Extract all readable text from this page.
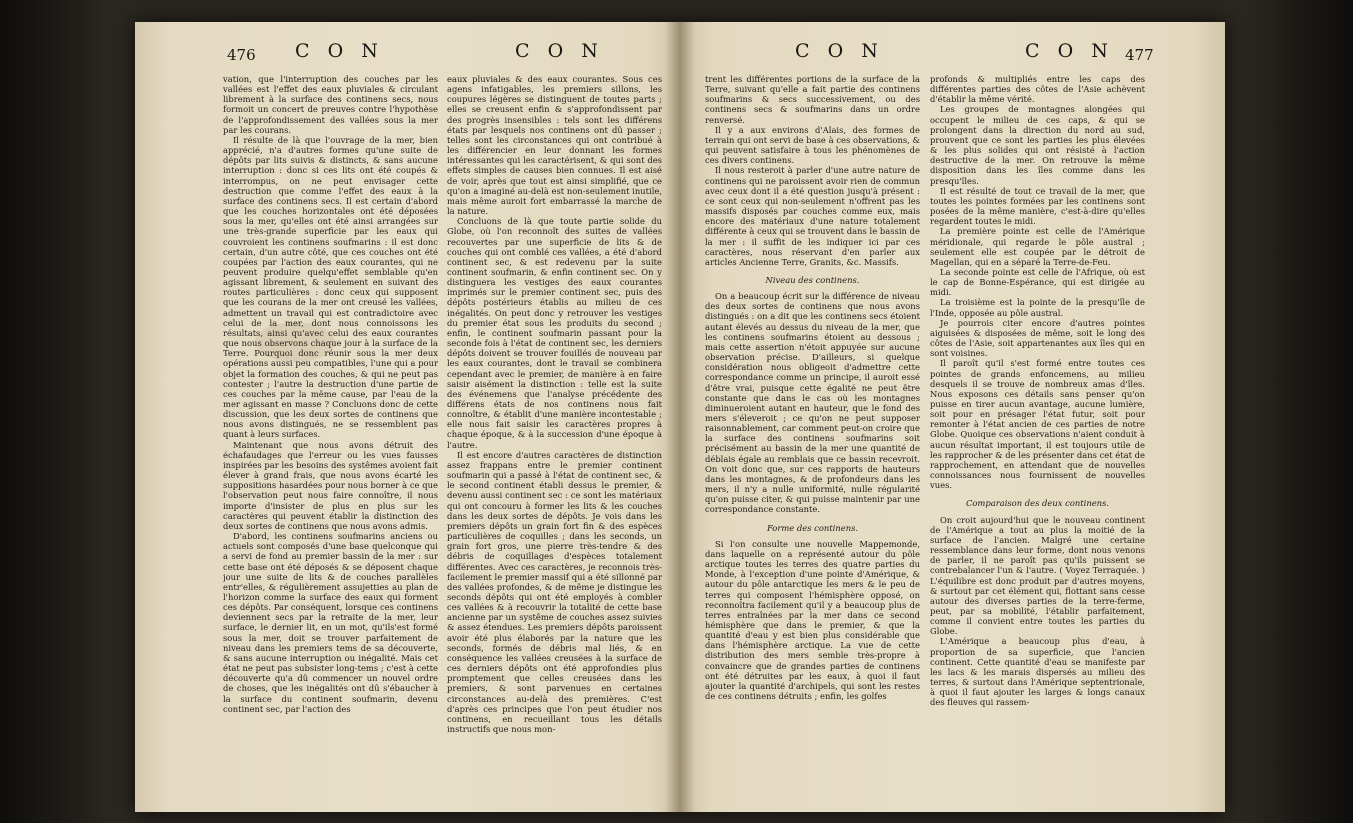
476 C O N	C O N

vation, que l'interruption des couches par les vallées est l'effet des eaux pluviales & circulant librement à la surface des continens secs, nous formoit un concert de preuves contre l'hypothèse de l'approfondissement des vallées sous la mer par les courans.

Il résulte de là que l'ouvrage de la mer, bien apprécié, n'a d'autres formes qu'une suite de dépôts par lits suivis & distincts, & sans aucune interruption : donc si ces lits ont été coupés & interrompus, on ne peut envisager cette destruction que comme l'effet des eaux à la surface des continens secs. Il est certain d'abord que les couches horizontales ont été déposées sous la mer, qu'elles ont été ainsi arrangées sur une très-grande superficie par les eaux qui couvroient les continens soufmarins : il est donc certain, d'un autre côté, que ces couches ont été coupées par l'action des eaux courantes, qui ne peuvent produire quelqu'effet semblable qu'en agissant librement, & seulement en suivant des routes particulières : donc ceux qui supposent que les courans de la mer ont creusé les vallées, admettent un travail qui est contradictoire avec celui de la mer, dont nous connoissons les résultats, ainsi qu'avec celui des eaux courantes que nous observons chaque jour à la surface de la Terre. Pourquoi donc réunir sous la mer deux opérations aussi peu compatibles, l'une qui a pour objet la formation des couches, & qui ne peut pas contester ; l'autre la destruction d'une partie de ces couches par la même cause, par l'eau de la mer agissant en masse ? Concluons donc de cette discussion, que les deux sortes de continens que nous avons distingués, ne se ressemblent pas quant à leurs surfaces.

Maintenant que nous avons détruit des échafaudages que l'erreur ou les vues fausses inspirées par les besoins des systêmes avoient fait élever à grand frais, que nous avons écarté les suppositions hasardées pour nous borner à ce que l'observation peut nous faire connoître, il nous importe d'insister de plus en plus sur les caractères qui peuvent établir la distinction des deux sortes de continens que nous avons admis.

D'abord, les continens soufmarins anciens ou actuels sont composés d'une base quelconque qui a servi de fond au premier bassin de la mer : sur cette base ont été déposés & se déposent chaque jour une suite de lits & de couches parallèles entr'elles, & régulièrement assujetties au plan de l'horizon comme la surface des eaux qui forment ces dépôts. Par conséquent, lorsque ces continens deviennent secs par la retraite de la mer, leur surface, le dernier lit, en un mot, qu'ils'est formé sous la mer, doit se trouver parfaitement de niveau dans les premiers tems de sa découverte, & sans aucune interruption ou inégalité. Mais cet état ne peut pas subsister long-tems ; c'est à cette découverte qu'a dû commencer un nouvel ordre de choses, que les inégalités ont dû s'ébaucher à la surface du continent soufmarin, devenu continent sec, par l'action des

eaux pluviales & des eaux courantes. Sous ces agens infatigables, les premiers sillons, les coupures légères se distinguent de toutes parts ; elles se creusent enfin & s'approfondissent par des progrès insensibles : tels sont les différens états par lesquels nos continens ont dû passer ; telles sont les circonstances qui ont contribué à les différencier en leur donnant les formes intéressantes qui les caractérisent, & qui sont des effets simples de causes bien connues. Il est aisé de voir, après que tout est ainsi simplifié, que ce qu'on a imaginé au-delà est non-seulement inutile, mais même auroit fort embarrassé la marche de la nature.

Concluons de là que toute partie solide du Globe, où l'on reconnoît des suites de vallées recouvertes par une superficie de lits & de couches qui ont comblé ces vallées, a été d'abord continent sec, & est redevenu par la suite continent soufmarin, & enfin continent sec. On y distinguera les vestiges des eaux courantes imprimés sur le premier continent sec, puis des dépôts postérieurs établis au milieu de ces inégalités. On peut donc y retrouver les vestiges du premier état sous les produits du second ; enfin, le continent soufmarin passant pour la seconde fois à l'état de continent sec, les derniers dépôts doivent se trouver fouillés de nouveau par les eaux courantes, dont le travail se combinera cependant avec le premier, de manière à en faire saisir aisément la distinction : telle est la suite des événemens que l'analyse précédente des différens états de nos continens nous fait connoître, & établit d'une manière incontestable ; elle nous fait saisir les caractères propres à chaque époque, & à la succession d'une époque à l'autre.

Il est encore d'autres caractères de distinction assez frappans entre le premier continent soufmarin qui a passé à l'état de continent sec, & le second continent établi dessus le premier, & devenu aussi continent sec : ce sont les matériaux qui ont concouru à former les lits & les couches dans les deux sortes de dépôts. Je vois dans les premiers dépôts un grain fort fin & des espèces particulières de coquilles ; dans les seconds, un grain fort gros, une pierre très-tendre & des débris de coquillages d'espèces totalement différentes. Avec ces caractères, je reconnois très-facilement le premier massif qui a été sillonné par des vallées profondes, & de même je distingue les seconds dépôts qui ont été employés à combler ces vallées & à recouvrir la totalité de cette base ancienne par un systême de couches assez suivies & assez étendues. Les premiers dépôts paroissent avoir été plus élaborés par la nature que les seconds, formés de débris mal liés, & en conséquence les vallées creusées à la surface de ces derniers dépôts ont été approfondies plus promptement que celles creusées dans les premiers, & sont parvenues en certaines circonstances au-delà des premières. C'est d'après ces principes que l'on peut étudier nos continens, en recueillant tous les détails instructifs que nous mon-

C O N	C O N 477

trent les différentes portions de la surface de la Terre, suivant qu'elle a fait partie des continens soufmarins & secs successivement, ou des continens secs & soufmarins dans un ordre renversé.

Il y a aux environs d'Alais, des formes de terrain qui ont servi de base à ces observations, & qui peuvent satisfaire à tous les phénomènes de ces divers continens.

Il nous resteroit à parler d'une autre nature de continens qui ne paroissent avoir rien de commun avec ceux dont il a été question jusqu'à présent : ce sont ceux qui non-seulement n'offrent pas les massifs disposés par couches comme eux, mais encore des matériaux d'une nature totalement différente à ceux qui se trouvent dans le bassin de la mer : il suffit de les indiquer ici par ces caractères, nous réservant d'en parler aux articles Ancienne Terre, Granits, &c. Massifs.

Niveau des continens.

On a beaucoup écrit sur la différence de niveau des deux sortes de continens que nous avons distingués : on a dit que les continens secs étoient autant élevés au dessus du niveau de la mer, que les continens soufmarins étoient au dessous ; mais cette assertion n'étoit appuyée sur aucune observation précise. D'ailleurs, si quelque considération nous obligeoit d'admettre cette correspondance comme un principe, il auroit essé d'être vrai, puisque cette égalité ne peut être constante que dans le cas où les montagnes diminueroient autant en hauteur, que le fond des mers s'éleveroit ; ce qu'on ne peut supposer raisonnablement, car comment peut-on croire que la surface des continens soufmarins soit précisément au bassin de la mer une quantité de déblais égale au remblais que ce bassin recevroit. On voit donc que, sur ces rapports de hauteurs dans les montagnes, & de profondeurs dans les mers, il n'y a nulle uniformité, nulle régularité qu'on puisse citer, & qui puisse maintenir par une correspondance constante.

Forme des continens.

Si l'on consulte une nouvelle Mappemonde, dans laquelle on a représenté autour du pôle arctique toutes les terres des quatre parties du Monde, à l'exception d'une pointe d'Amérique, & autour du pôle antarctique les mers & le peu de terres qui composent l'hémisphère opposé, on reconnoîtra facilement qu'il y a beaucoup plus de terres entraînées par la mer dans ce second hémisphère que dans le premier, & que la quantité d'eau y est bien plus considérable que dans l'hémisphère arctique. La vue de cette distribution des mers semble très-propre à convaincre que de grandes parties de continens ont été détruites par les eaux, à quoi il faut ajouter la quantité d'archipels, qui sont les restes de ces continens détruits ; enfin, les golfes

profonds & multipliés entre les caps des différentes parties des côtes de l'Asie achèvent d'établir la même vérité.

Les groupes de montagnes alongées qui occupent le milieu de ces caps, & qui se prolongent dans la direction du nord au sud, prouvent que ce sont les parties les plus élevées & les plus solides qui ont résisté à l'action destructive de la mer. On retrouve la même disposition dans les îles comme dans les presqu'îles.

Il est résulté de tout ce travail de la mer, que toutes les pointes formées par les continens sont posées de la même manière, c'est-à-dire qu'elles regardent toutes le midi.

La première pointe est celle de l'Amérique méridionale, qui regarde le pôle austral ; seulement elle est coupée par le détroit de Magellan, qui en a séparé la Terre-de-Feu.

La seconde pointe est celle de l'Afrique, où est le cap de Bonne-Espérance, qui est dirigée au midi.

La troisième est la pointe de la presqu'île de l'Inde, opposée au pôle austral.

Je pourrois citer encore d'autres pointes aiguisées & disposées de même, soit le long des côtes de l'Asie, soit appartenantes aux îles qui en sont voisines.

Il paroît qu'il s'est formé entre toutes ces pointes de grands enfoncemens, au milieu desquels il se trouve de nombreux amas d'îles. Nous exposons ces détails sans penser qu'on puisse en tirer aucun avantage, aucune lumière, soit pour en présager l'état futur, soit pour remonter à l'état ancien de ces parties de notre Globe. Quoique ces observations n'aient conduit à aucun résultat important, il est toujours utile de les rapprocher & de les présenter dans cet état de rapprochement, en attendant que de nouvelles connoissances nous fournissent de nouvelles vues.

Comparaison des deux continens.

On croit aujourd'hui que le nouveau continent de l'Amérique a tout au plus la moitié de la surface de l'ancien. Malgré une certaine ressemblance dans leur forme, dont nous venons de parler, il ne paroît pas qu'ils puissent se contrebalancer l'un & l'autre. ( Voyez Terraquée. ) L'équilibre est donc produit par d'autres moyens, & surtout par cet élément qui, flottant sans cesse autour des diverses parties de la terre-ferme, peut, par sa mobilité, l'établir parfaitement, comme il convient entre toutes les parties du Globe.

L'Amérique a beaucoup plus d'eau, à proportion de sa superficie, que l'ancien continent. Cette quantité d'eau se manifeste par les lacs & les marais dispersés au milieu des terres, & surtout dans l'Amérique septentrionale, à quoi il faut ajouter les larges & longs canaux des fleuves qui rassem-
